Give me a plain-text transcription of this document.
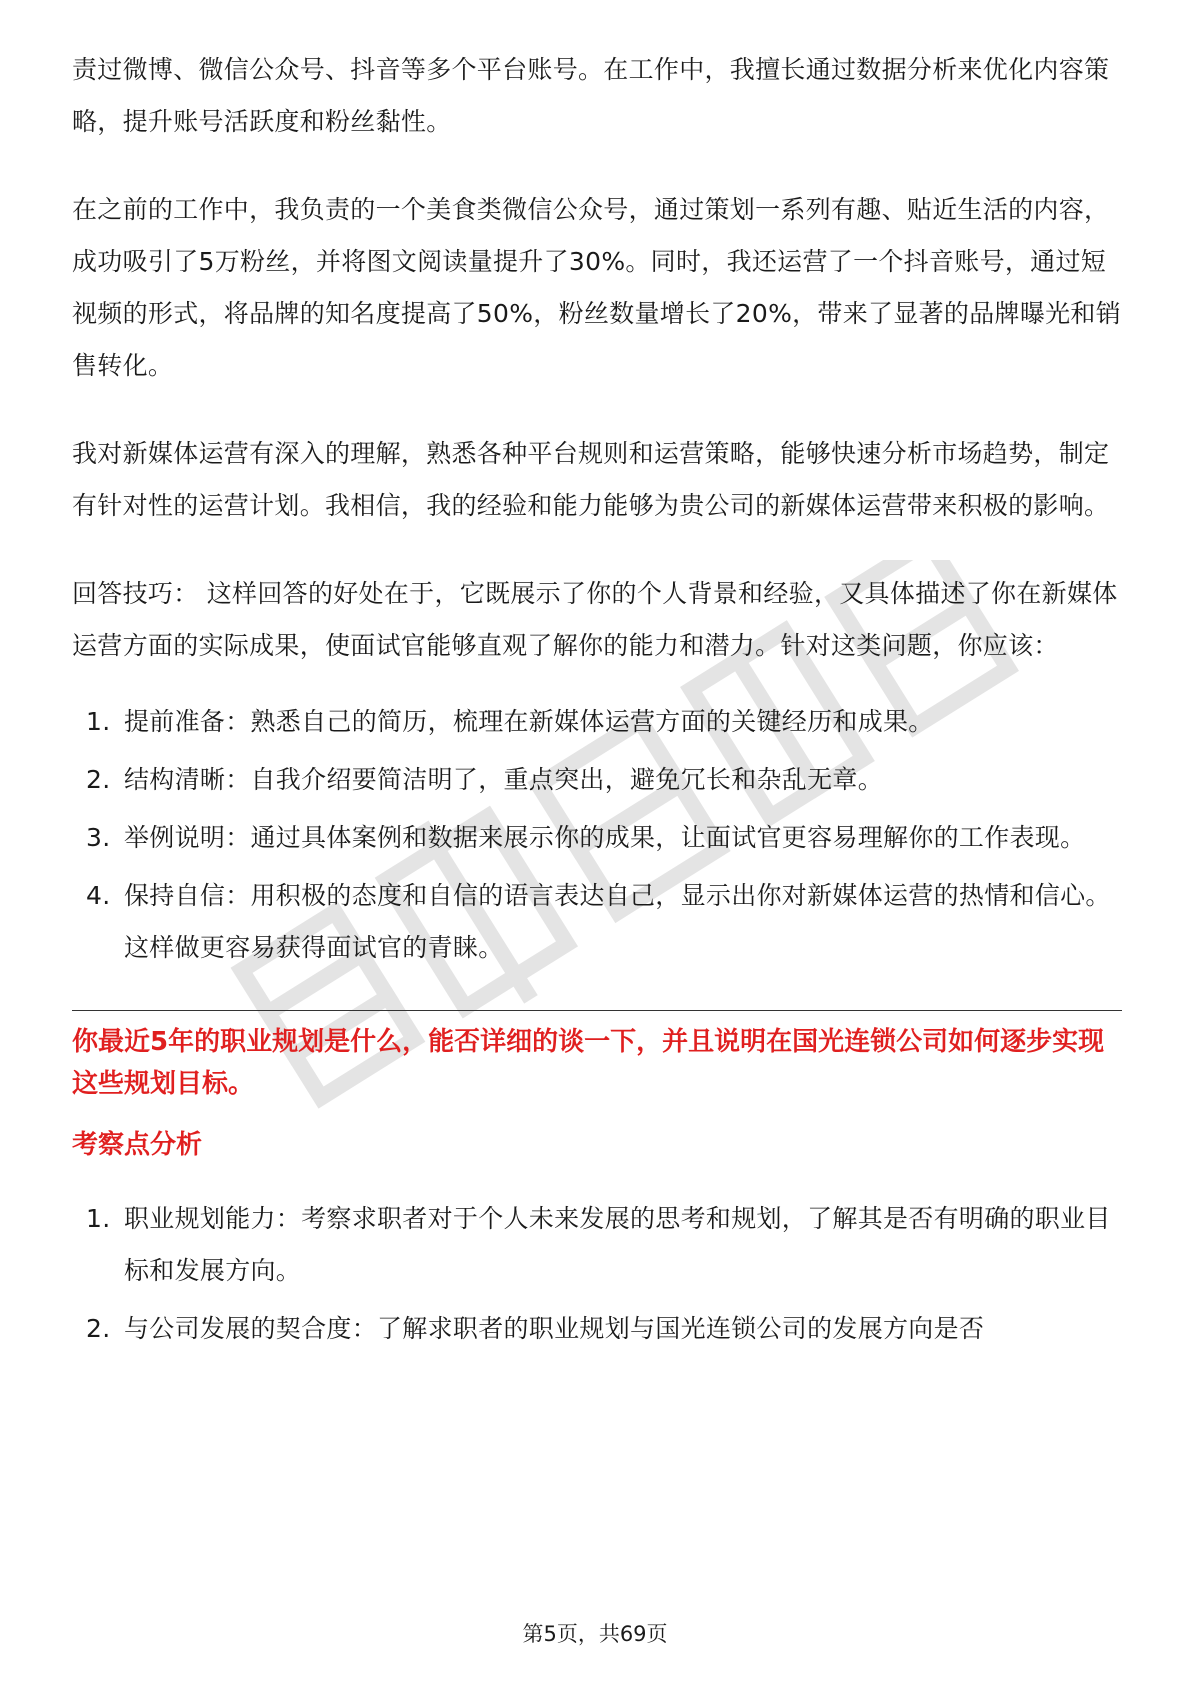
责过微博、微信公众号、抖音等多个平台账号。在工作中，我擅长通过数据分析来优化内容策略，提升账号活跃度和粉丝黏性。

在之前的工作中，我负责的一个美食类微信公众号，通过策划一系列有趣、贴近生活的内容，成功吸引了5万粉丝，并将图文阅读量提升了30%。同时，我还运营了一个抖音账号，通过短视频的形式，将品牌的知名度提高了50%，粉丝数量增长了20%，带来了显著的品牌曝光和销售转化。

我对新媒体运营有深入的理解，熟悉各种平台规则和运营策略，能够快速分析市场趋势，制定有针对性的运营计划。我相信，我的经验和能力能够为贵公司的新媒体运营带来积极的影响。

回答技巧： 这样回答的好处在于，它既展示了你的个人背景和经验，又具体描述了你在新媒体运营方面的实际成果，使面试官能够直观了解你的能力和潜力。针对这类问题，你应该：

1. 提前准备：熟悉自己的简历，梳理在新媒体运营方面的关键经历和成果。
2. 结构清晰：自我介绍要简洁明了，重点突出，避免冗长和杂乱无章。
3. 举例说明：通过具体案例和数据来展示你的成果，让面试官更容易理解你的工作表现。
4. 保持自信：用积极的态度和自信的语言表达自己，显示出你对新媒体运营的热情和信心。这样做更容易获得面试官的青睐。

你最近5年的职业规划是什么，能否详细的谈一下，并且说明在国光连锁公司如何逐步实现这些规划目标。

考察点分析

1. 职业规划能力：考察求职者对于个人未来发展的思考和规划，了解其是否有明确的职业目标和发展方向。
2. 与公司发展的契合度：了解求职者的职业规划与国光连锁公司的发展方向是否
第5页，共69页
